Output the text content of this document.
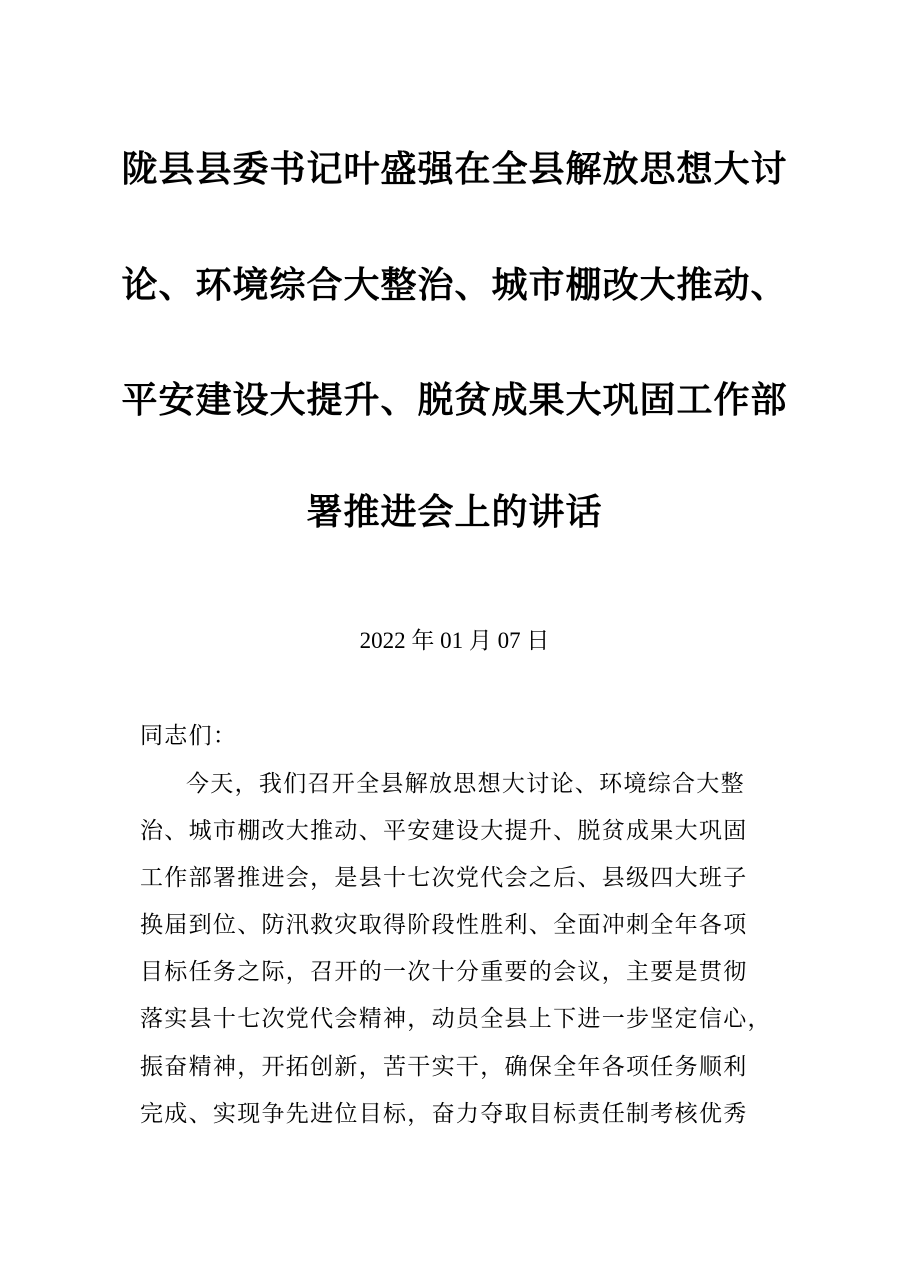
陇县县委书记叶盛强在全县解放思想大讨
论、环境综合大整治、城市棚改大推动、
平安建设大提升、脱贫成果大巩固工作部
署推进会上的讲话
2022 年 01 月 07 日
同志们：
今天，我们召开全县解放思想大讨论、环境综合大整
治、城市棚改大推动、平安建设大提升、脱贫成果大巩固
工作部署推进会，是县十七次党代会之后、县级四大班子
换届到位、防汛救灾取得阶段性胜利、全面冲刺全年各项
目标任务之际，召开的一次十分重要的会议，主要是贯彻
落实县十七次党代会精神，动员全县上下进一步坚定信心，
振奋精神，开拓创新，苦干实干，确保全年各项任务顺利
完成、实现争先进位目标，奋力夺取目标责任制考核优秀
